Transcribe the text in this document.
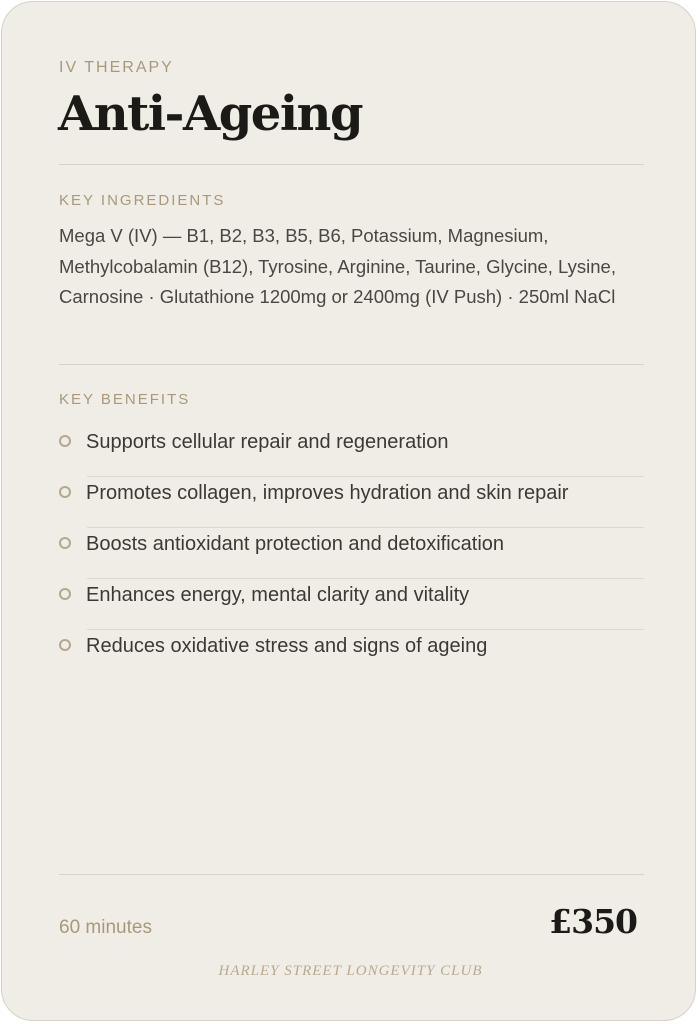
IV THERAPY
Anti-Ageing
KEY INGREDIENTS
Mega V (IV) — B1, B2, B3, B5, B6, Potassium, Magnesium, Methylcobalamin (B12), Tyrosine, Arginine, Taurine, Glycine, Lysine, Carnosine · Glutathione 1200mg or 2400mg (IV Push) · 250ml NaCl
KEY BENEFITS
Supports cellular repair and regeneration
Promotes collagen, improves hydration and skin repair
Boosts antioxidant protection and detoxification
Enhances energy, mental clarity and vitality
Reduces oxidative stress and signs of ageing
60 minutes	£350
HARLEY STREET LONGEVITY CLUB
